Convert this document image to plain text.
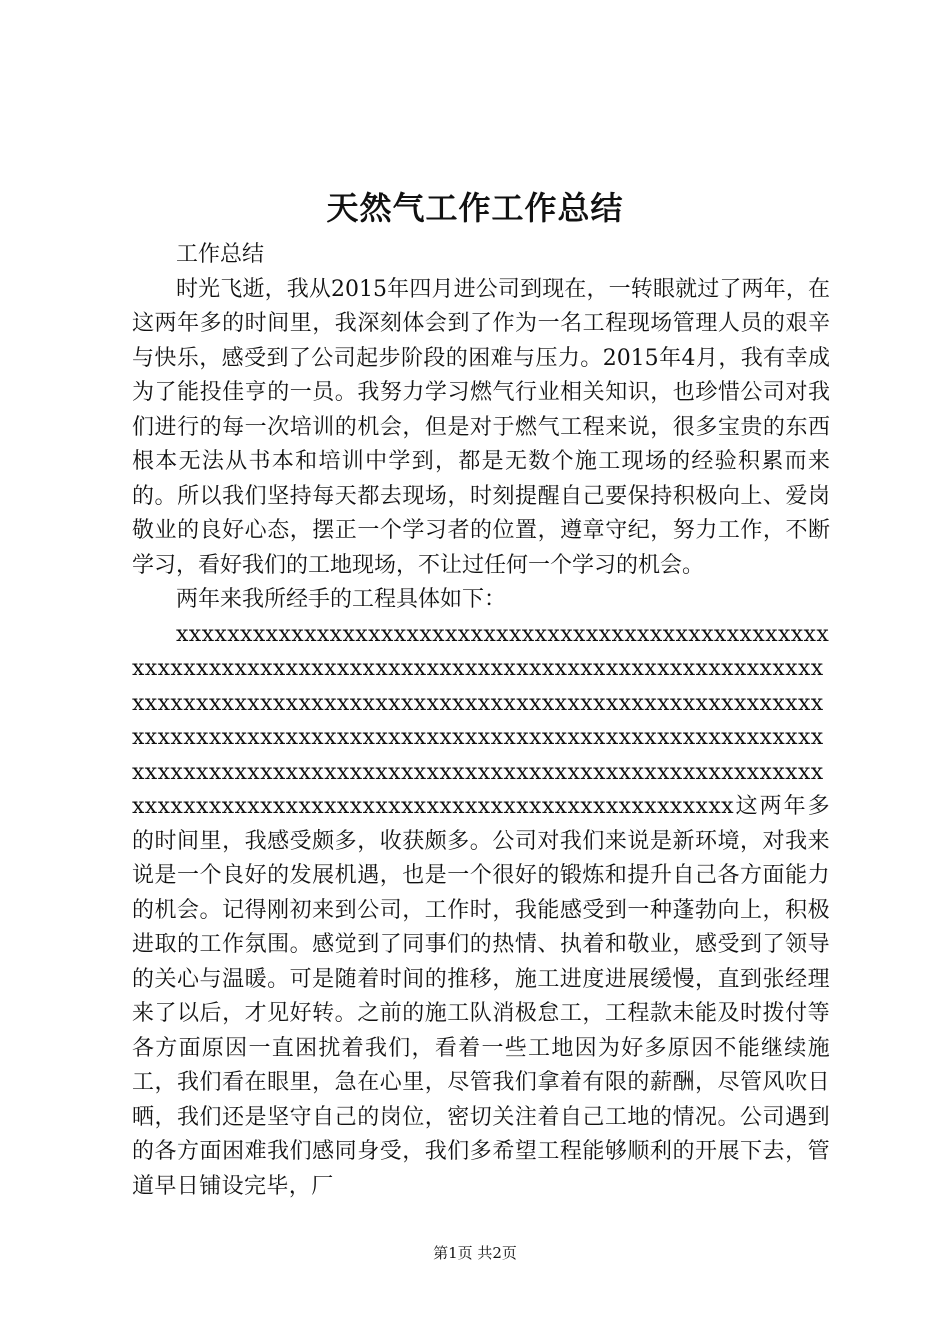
天然气工作工作总结

工作总结

时光飞逝，我从2015年四月进公司到现在，一转眼就过了两年，在这两年多的时间里，我深刻体会到了作为一名工程现场管理人员的艰辛与快乐，感受到了公司起步阶段的困难与压力。2015年4月，我有幸成为了能投佳亨的一员。我努力学习燃气行业相关知识，也珍惜公司对我们进行的每一次培训的机会，但是对于燃气工程来说，很多宝贵的东西根本无法从书本和培训中学到，都是无数个施工现场的经验积累而来的。所以我们坚持每天都去现场，时刻提醒自己要保持积极向上、爱岗敬业的良好心态，摆正一个学习者的位置，遵章守纪，努力工作，不断学习，看好我们的工地现场，不让过任何一个学习的机会。

两年来我所经手的工程具体如下：

xxxxxxxxxxxxxxxxxxxxxxxxxxxxxxxxxxxxxxxxxxxxxxxxxxxxxxxxxxxxxxxxxxxxxxxxxxxxxxxxxxxxxxxxxxxxxxxxxxxxxxxxxxxxxxxxxxxxxxxxxxxxxxxxxxxxxxxxxxxxxxxxxxxxxxxxxxxxxxxxxxxxxxxxxxxxxxxxxxxxxxxxxxxxxxxxxxxxxxxxxxxxxxxxxxxxxxxxxxxxxxxxxxxxxxxxxxxxxxxxxxxxxxxxxxxxxxxxxxxxxxxxxxxxxxxxxxxxxxxxxxxxxxxxxxxxxxxxxxxxxxxxxxxxxxxxxx这两年多的时间里，我感受颇多，收获颇多。公司对我们来说是新环境，对我来说是一个良好的发展机遇，也是一个很好的锻炼和提升自己各方面能力的机会。记得刚初来到公司，工作时，我能感受到一种蓬勃向上，积极进取的工作氛围。感觉到了同事们的热情、执着和敬业，感受到了领导的关心与温暖。可是随着时间的推移，施工进度进展缓慢，直到张经理来了以后，才见好转。之前的施工队消极怠工，工程款未能及时拨付等各方面原因一直困扰着我们，看着一些工地因为好多原因不能继续施工，我们看在眼里，急在心里，尽管我们拿着有限的薪酬，尽管风吹日晒，我们还是坚守自己的岗位，密切关注着自己工地的情况。公司遇到的各方面困难我们感同身受，我们多希望工程能够顺利的开展下去，管道早日铺设完毕，厂

第1页 共2页
